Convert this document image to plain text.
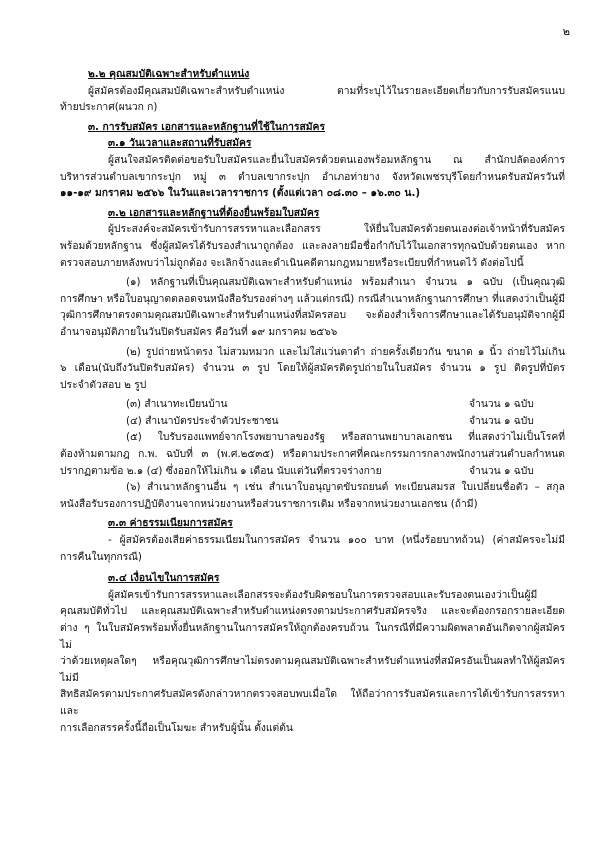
๒

๒.๒ คุณสมบัติเฉพาะสำหรับตำแหน่ง

ผู้สมัครต้องมีคุณสมบัติเฉพาะสำหรับตำแหน่ง ตามที่ระบุไว้ในรายละเอียดเกี่ยวกับการรับสมัครแนบ

ท้ายประกาศ(ผนวก ก)

๓. การรับสมัคร เอกสารและหลักฐานที่ใช้ในการสมัคร

๓.๑ วันเวลาและสถานที่รับสมัคร

ผู้สนใจสมัครติดต่อขอรับใบสมัครและยื่นใบสมัครด้วยตนเองพร้อมหลักฐาน ณ สำนักปลัดองค์การ

บริหารส่วนตำบลเขากระปุก หมู่ ๓ ตำบลเขากระปุก อำเภอท่ายาง จังหวัดเพชรบุรีโดยกำหนดรับสมัครวันที่

๑๑-๑๙ มกราคม ๒๕๖๖ ในวันและเวลาราชการ (ตั้งแต่เวลา ๐๘.๓๐ – ๑๖.๓๐ น.)

๓.๒ เอกสารและหลักฐานที่ต้องยื่นพร้อมใบสมัคร

ผู้ประสงค์จะสมัครเข้ารับการสรรหาและเลือกสรร ให้ยื่นใบสมัครด้วยตนเองต่อเจ้าหน้าที่รับสมัคร

พร้อมด้วยหลักฐาน ซึ่งผู้สมัครได้รับรองสำเนาถูกต้อง และลงลายมือชื่อกำกับไว้ในเอกสารทุกฉบับด้วยตนเอง หาก

ตรวจสอบภายหลังพบว่าไม่ถูกต้อง จะเลิกจ้างและดำเนินคดีตามกฎหมายหรือระเบียบที่กำหนดไว้ ดังต่อไปนี้

(๑) หลักฐานที่เป็นคุณสมบัติเฉพาะสำหรับตำแหน่ง พร้อมสำเนา จำนวน ๑ ฉบับ (เป็นคุณวุฒิ

การศึกษา หรือใบอนุญาตตลอดจนหนังสือรับรองต่างๆ แล้วแต่กรณี) กรณีสำเนาหลักฐานการศึกษา ที่แสดงว่าเป็นผู้มี

วุฒิการศึกษาตรงตามคุณสมบัติเฉพาะสำหรับตำแหน่งที่สมัครสอบ จะต้องสำเร็จการศึกษาและได้รับอนุมัติจากผู้มี

อำนาจอนุมัติภายในวันปิดรับสมัคร คือวันที่ ๑๙ มกราคม ๒๕๖๖

(๒) รูปถ่ายหน้าตรง ไม่สวมหมวก และไม่ใส่แว่นตาดำ ถ่ายครั้งเดียวกัน ขนาด ๑ นิ้ว ถ่ายไว้ไม่เกิน

๖ เดือน(นับถึงวันปิดรับสมัคร) จำนวน ๓ รูป โดยให้ผู้สมัครติดรูปถ่ายในใบสมัคร จำนวน ๑ รูป ติดรูปที่บัตร

ประจำตัวสอบ ๒ รูป

(๓) สำเนาทะเบียนบ้าน	จำนวน ๑ ฉบับ
(๔) สำเนาบัตรประจำตัวประชาชน	จำนวน ๑ ฉบับ

(๕) ใบรับรองแพทย์จากโรงพยาบาลของรัฐ หรือสถานพยาบาลเอกชน ที่แสดงว่าไม่เป็นโรคที่

ต้องห้ามตามกฎ ก.พ. ฉบับที่ ๓ (พ.ศ.๒๕๓๕) หรือตามประกาศที่คณะกรรมการกลางพนักงานส่วนตำบลกำหนด

ปรากฏตามข้อ ๒.๑ (๔) ซึ่งออกให้ไม่เกิน ๑ เดือน นับแต่วันที่ตรวจร่างกาย	จำนวน ๑ ฉบับ

(๖) สำเนาหลักฐานอื่น ๆ เช่น สำเนาใบอนุญาตขับรถยนต์ ทะเบียนสมรส ใบเปลี่ยนชื่อตัว – สกุล

หนังสือรับรองการปฏิบัติงานจากหน่วยงานหรือส่วนราชการเดิม หรือจากหน่วยงานเอกชน (ถ้ามี)

๓.๓ ค่าธรรมเนียมการสมัคร

- ผู้สมัครต้องเสียค่าธรรมเนียมในการสมัคร จำนวน ๑๐๐ บาท (หนึ่งร้อยบาทถ้วน) (ค่าสมัครจะไม่มี

การคืนในทุกกรณี)

๓.๔ เงื่อนไขในการสมัคร

ผู้สมัครเข้ารับการสรรหาและเลือกสรรจะต้องรับผิดชอบในการตรวจสอบและรับรองตนเองว่าเป็นผู้มี

คุณสมบัติทั่วไป และคุณสมบัติเฉพาะสำหรับตำแหน่งตรงตามประกาศรับสมัครจริง และจะต้องกรอกรายละเอียด

ต่าง ๆ ในใบสมัครพร้อมทั้งยื่นหลักฐานในการสมัครให้ถูกต้องครบถ้วน ในกรณีที่มีความผิดพลาดอันเกิดจากผู้สมัครไม่

ว่าด้วยเหตุผลใดๆ หรือคุณวุฒิการศึกษาไม่ตรงตามคุณสมบัติเฉพาะสำหรับตำแหน่งที่สมัครอันเป็นผลทำให้ผู้สมัครไม่มี

สิทธิสมัครตามประกาศรับสมัครดังกล่าวหากตรวจสอบพบเมื่อใด ให้ถือว่าการรับสมัครและการได้เข้ารับการสรรหาและ

การเลือกสรรครั้งนี้ถือเป็นโมฆะ สำหรับผู้นั้น ตั้งแต่ต้น
